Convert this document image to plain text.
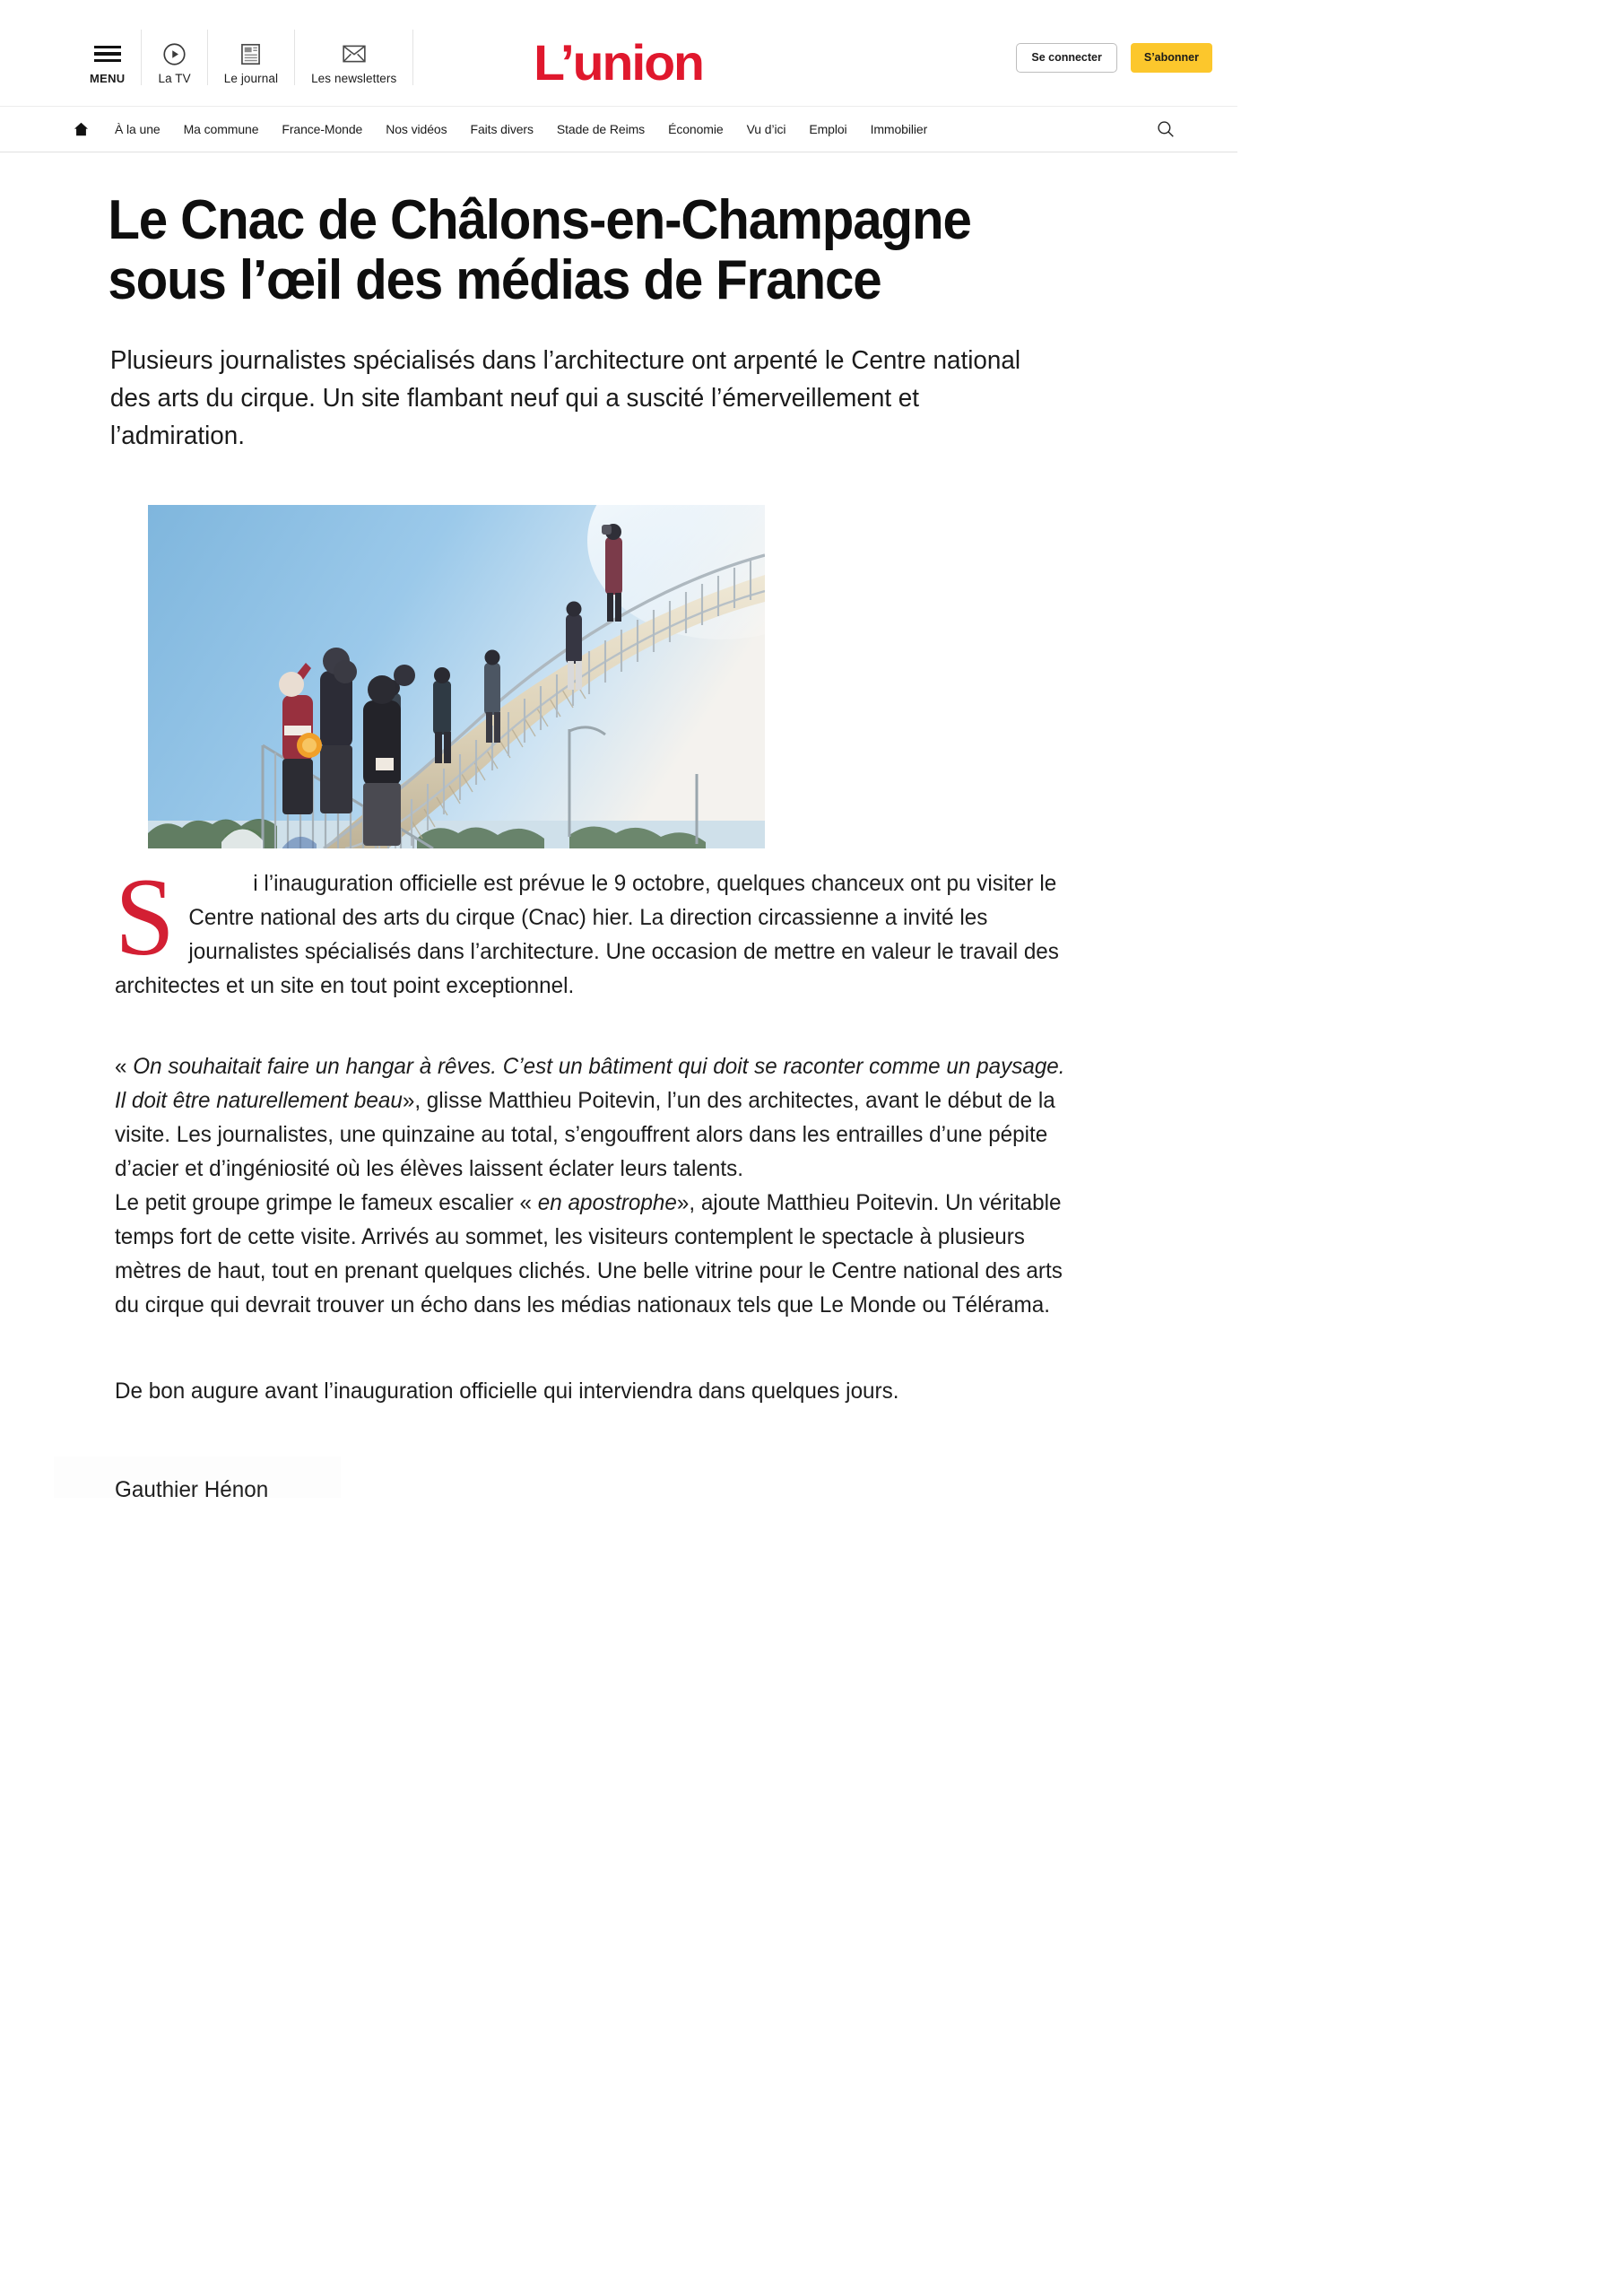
MENU	La TV	Le journal	Les newsletters	L’union	Se connecter	S’abonner
À la une	Ma commune	France-Monde	Nos vidéos	Faits divers	Stade de Reims	Économie	Vu d’ici	Emploi	Immobilier
Le Cnac de Châlons-en-Champagne sous l’œil des médias de France
Plusieurs journalistes spécialisés dans l’architecture ont arpenté le Centre national
des arts du cirque. Un site flambant neuf qui a suscité l’émerveillement et l’admiration.

S	i l’inauguration officielle est prévue le 9 octobre, quelques chanceux ont pu visiter le Centre national des arts du cirque (Cnac) hier. La direction circassienne a invité les journalistes spécialisés dans l’architecture. Une occasion de mettre en valeur le travail des architectes et un site en tout point exceptionnel.

« On souhaitait faire un hangar à rêves. C’est un bâtiment qui doit se raconter comme un paysage. Il doit être naturellement beau», glisse Matthieu Poitevin, l’un des architectes, avant le début de la visite. Les journalistes, une quinzaine au total, s’engouffrent alors dans les entrailles d’une pépite d’acier et d’ingéniosité où les élèves laissent éclater leurs talents.

Le petit groupe grimpe le fameux escalier « en apostrophe», ajoute Matthieu Poitevin. Un véritable temps fort de cette visite. Arrivés au sommet, les visiteurs contemplent le spectacle à plusieurs mètres de haut, tout en prenant quelques clichés. Une belle vitrine pour le Centre national des arts du cirque qui devrait trouver un écho dans les médias nationaux tels que Le Monde ou Télérama.

De bon augure avant l’inauguration officielle qui interviendra dans quelques jours.

Gauthier Hénon
